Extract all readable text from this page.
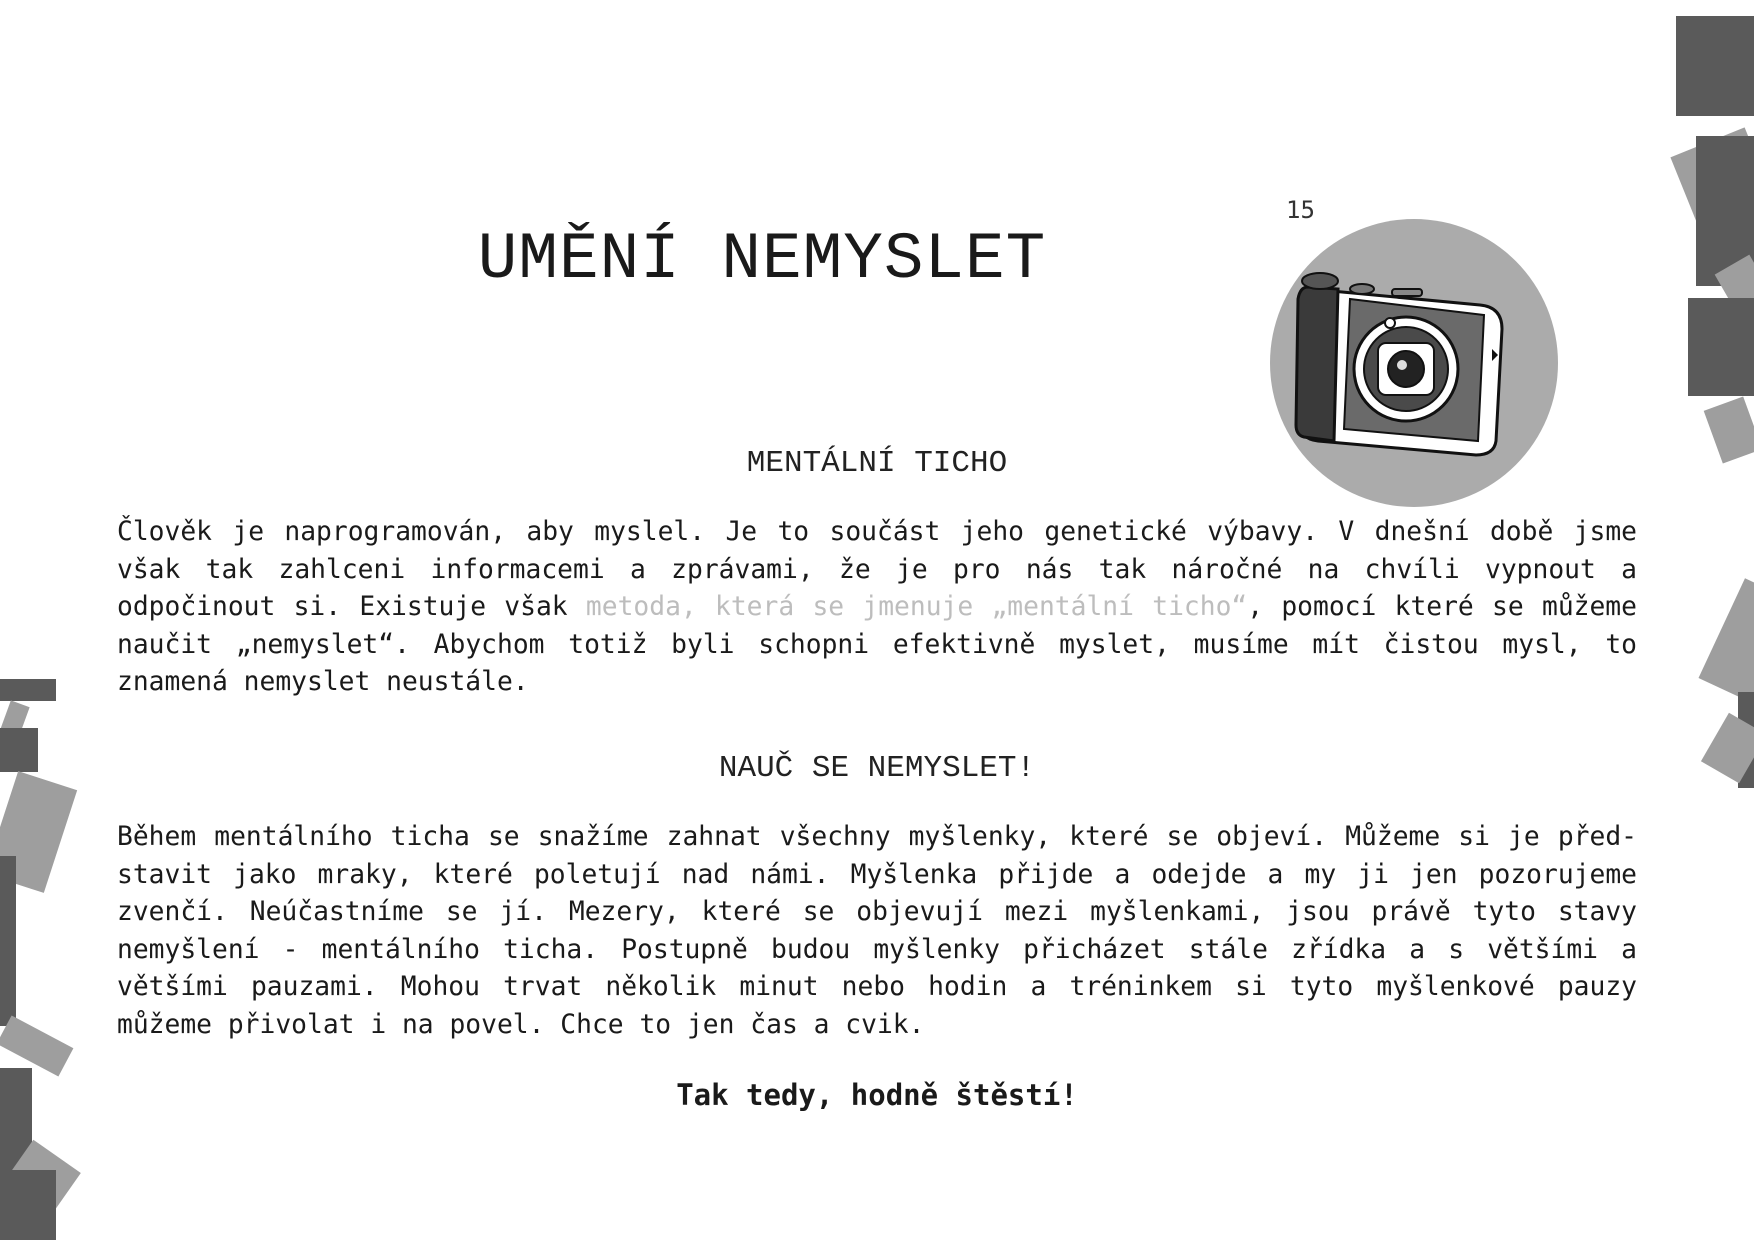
15
UMĚNÍ NEMYSLET
MENTÁLNÍ TICHO

Člověk je naprogramován, aby myslel. Je to součást jeho genetické výbavy. V dnešní době jsme však tak zahlceni informacemi a zprávami, že je pro nás tak náročné na chvíli vypnout a odpočinout si. Existuje však metoda, která se jmenuje „mentální ticho“, pomocí které se můžeme naučit „nemyslet“. Abychom totiž byli schopni efektivně myslet, musíme mít čistou mysl, to znamená nemyslet neustále.

NAUČ SE NEMYSLET!

Během mentálního ticha se snažíme zahnat všechny myšlenky, které se objeví. Můžeme si je představit jako mraky, které poletují nad námi. Myšlenka přijde a odejde a my ji jen pozorujeme zvenčí. Neúčastníme se jí. Mezery, které se objevují mezi myšlenkami, jsou právě tyto stavy nemyšlení - mentálního ticha. Postupně budou myšlenky přicházet stále zřídka a s většími a většími pauzami. Mohou trvat několik minut nebo hodin a tréninkem si tyto myšlenkové pauzy můžeme přivolat i na povel. Chce to jen čas a cvik.

Tak tedy, hodně štěstí!
